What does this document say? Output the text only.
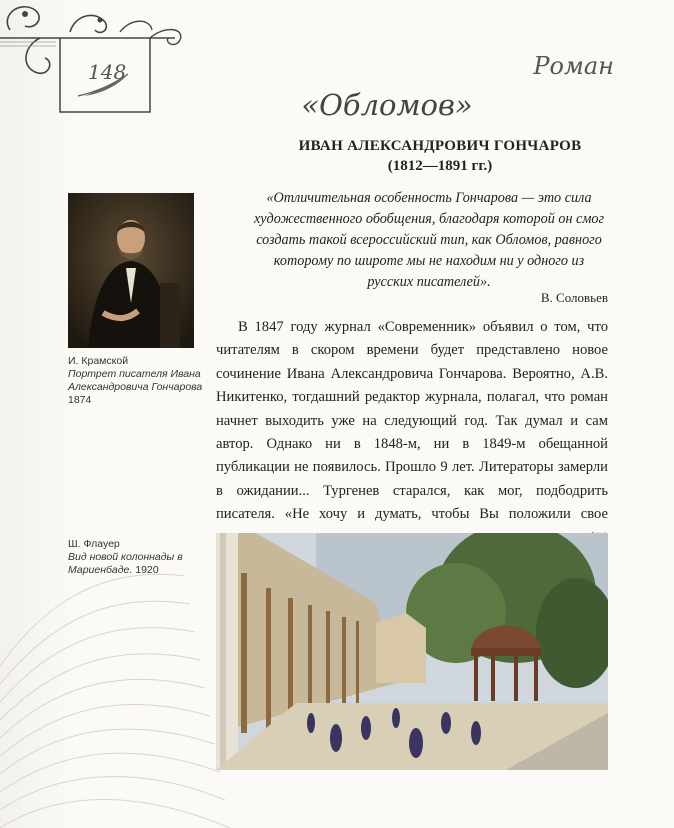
148	Роман
«Обломов»
ИВАН АЛЕКСАНДРОВИЧ ГОНЧАРОВ
(1812—1891 гг.)
«Отличительная особенность Гончарова — это сила художественного обобщения, благодаря которой он смог создать такой всероссийский тип, как Обломов, равного которому по широте мы не находим ни у одного из русских писателей».
В. Соловьев
И. Крамской
Портрет писателя Ивана Александровича Гончарова
1874

В 1847 году журнал «Современник» объявил о том, что читателям в скором времени будет представлено новое сочинение Ивана Александровича Гончарова. Вероятно, А.В. Никитенко, тогдашний редактор журнала, полагал, что роман начнет выходить уже на следующий год. Так думал и сам автор. Однако ни в 1848-м, ни в 1849-м обещанной публикации не появилось. Прошло 9 лет. Литераторы замерли в ожидании... Тургенев старался, как мог, подбодрить писателя. «Не хочу и думать, чтобы Вы положили свое

Ш. Флауер
Вид новой колоннады в Мариенбаде. 1920
